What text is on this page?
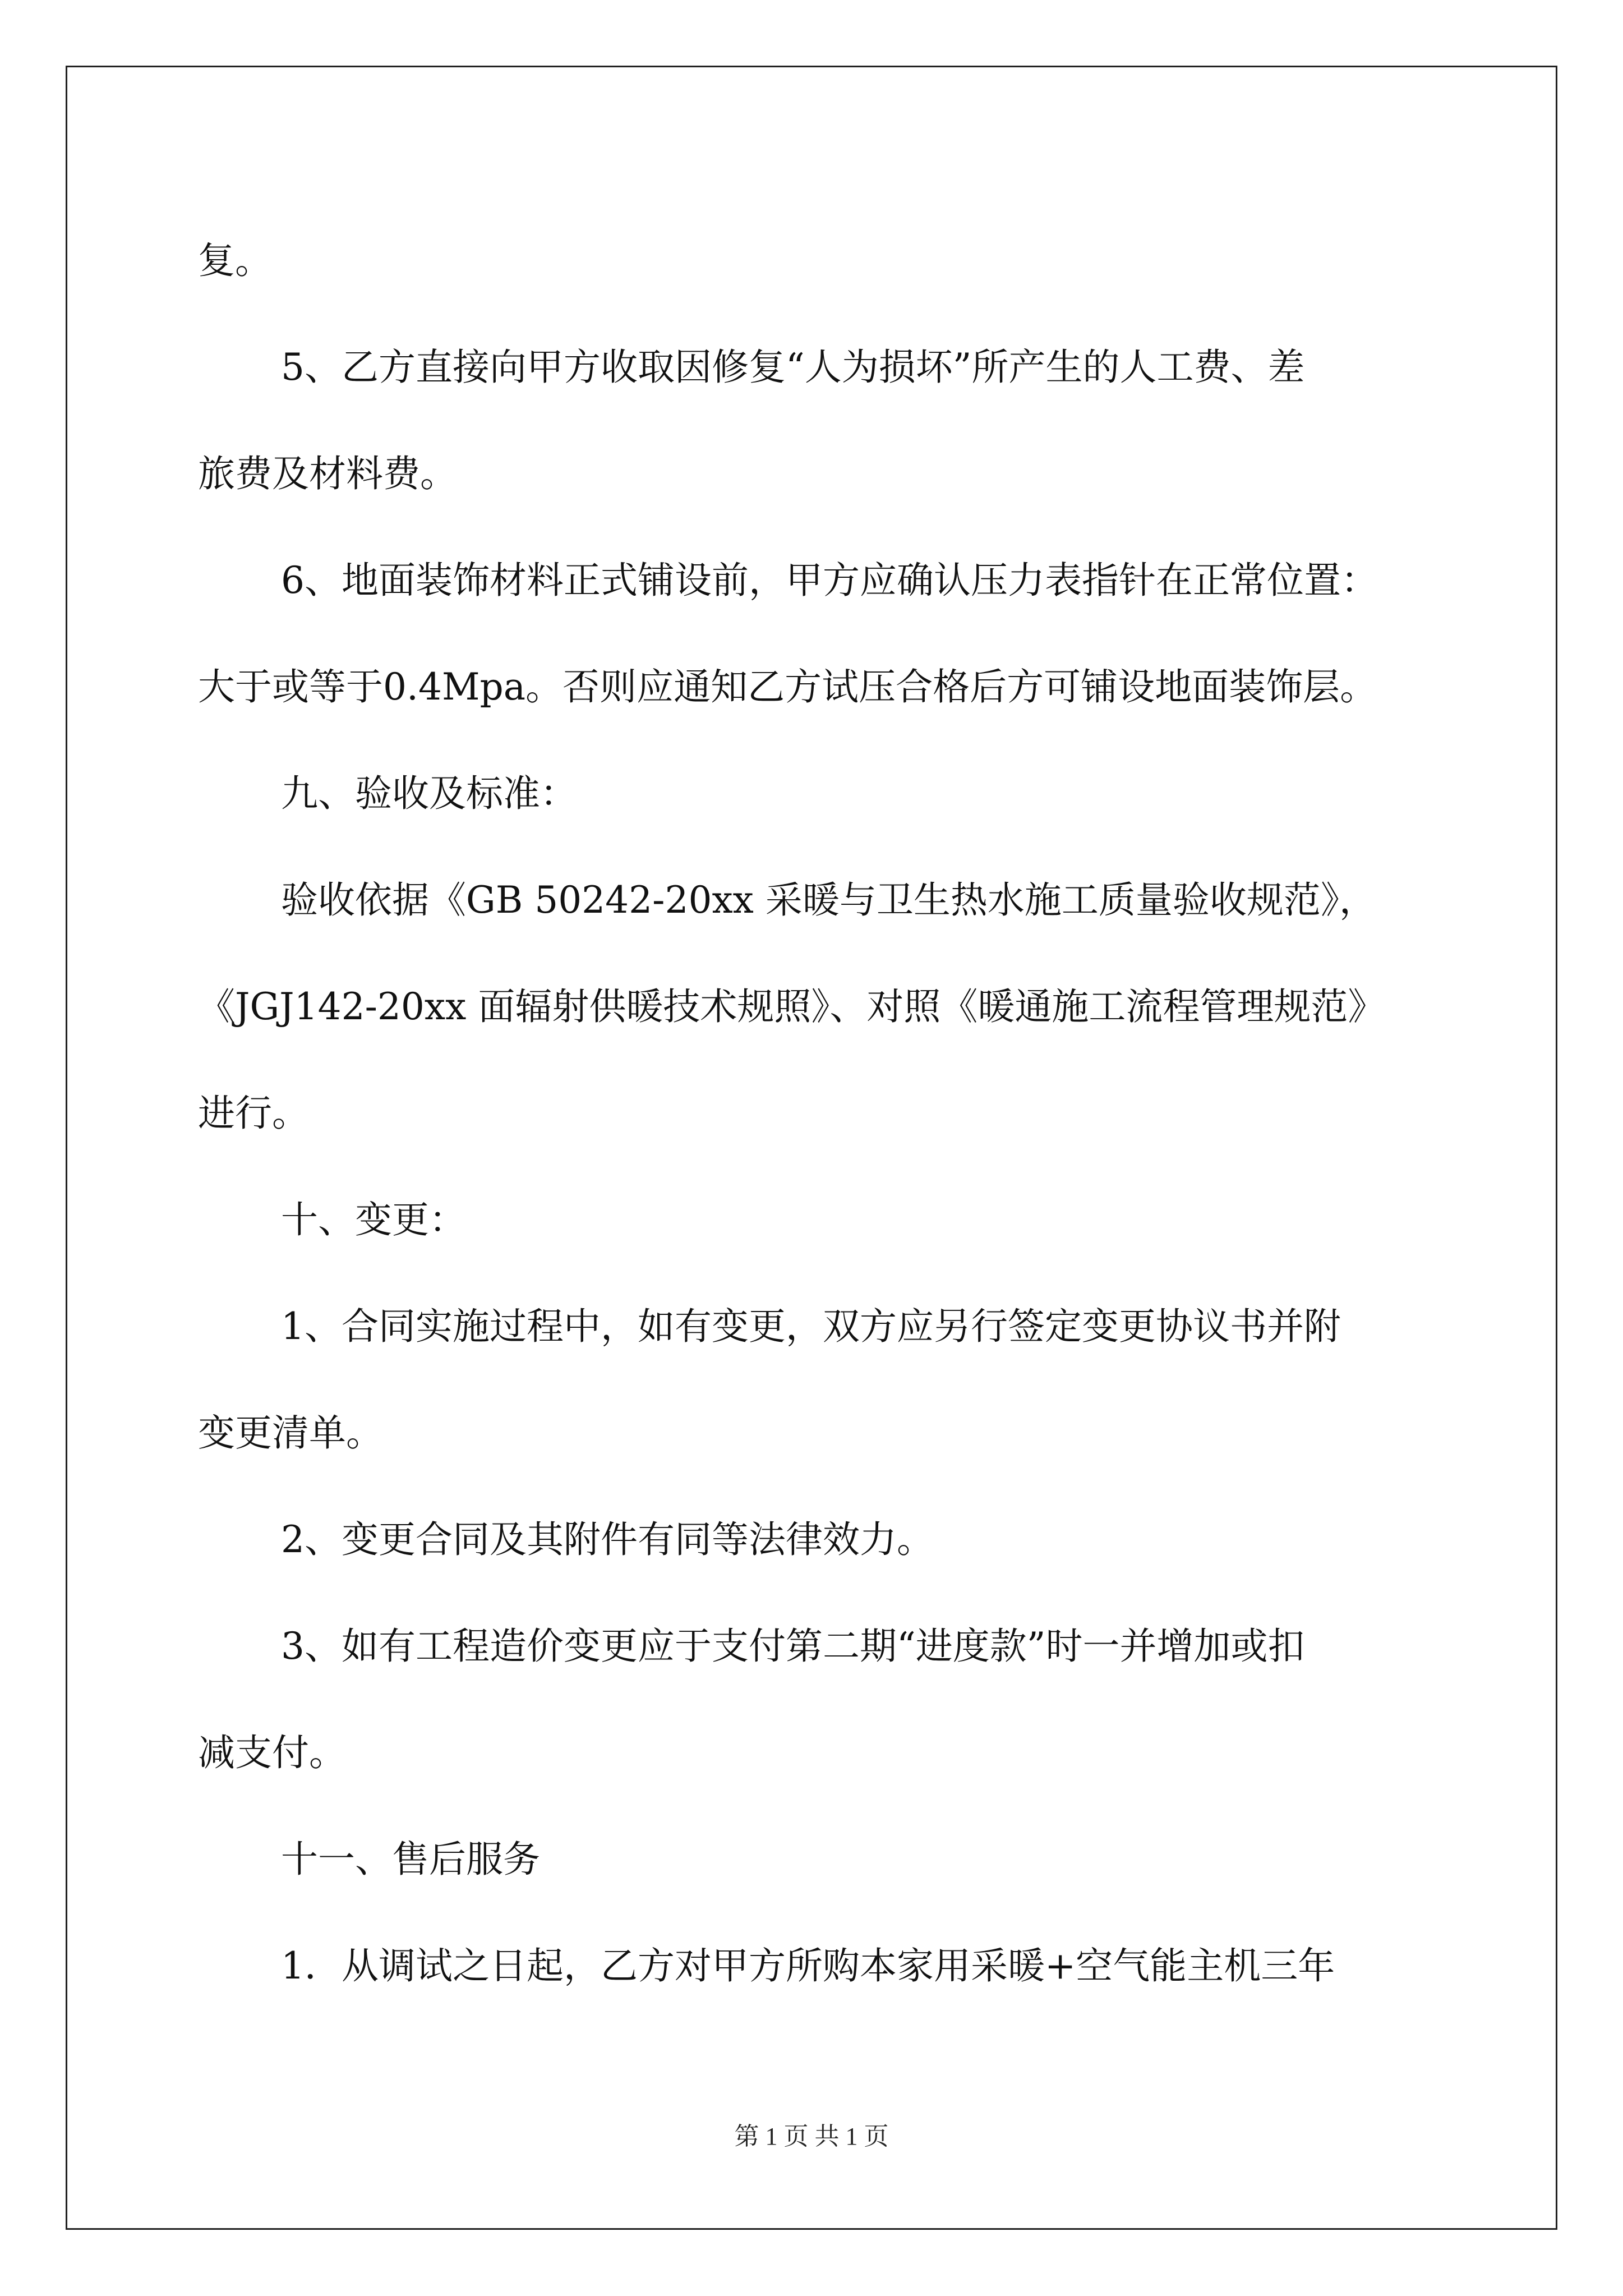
复。
5、乙方直接向甲方收取因修复“人为损坏”所产生的人工费、差
旅费及材料费。
6、地面装饰材料正式铺设前，甲方应确认压力表指针在正常位置：
大于或等于0.4Mpa。否则应通知乙方试压合格后方可铺设地面装饰层。
九、验收及标准：
验收依据《GB 50242-20xx 采暖与卫生热水施工质量验收规范》，
《JGJ142-20xx 面辐射供暖技术规照》、对照《暖通施工流程管理规范》
进行。
十、变更：
1、合同实施过程中，如有变更，双方应另行签定变更协议书并附
变更清单。
2、变更合同及其附件有同等法律效力。
3、如有工程造价变更应于支付第二期“进度款”时一并增加或扣
减支付。
十一、售后服务
1．从调试之日起，乙方对甲方所购本家用采暖+空气能主机三年

第 1 页 共 1 页
